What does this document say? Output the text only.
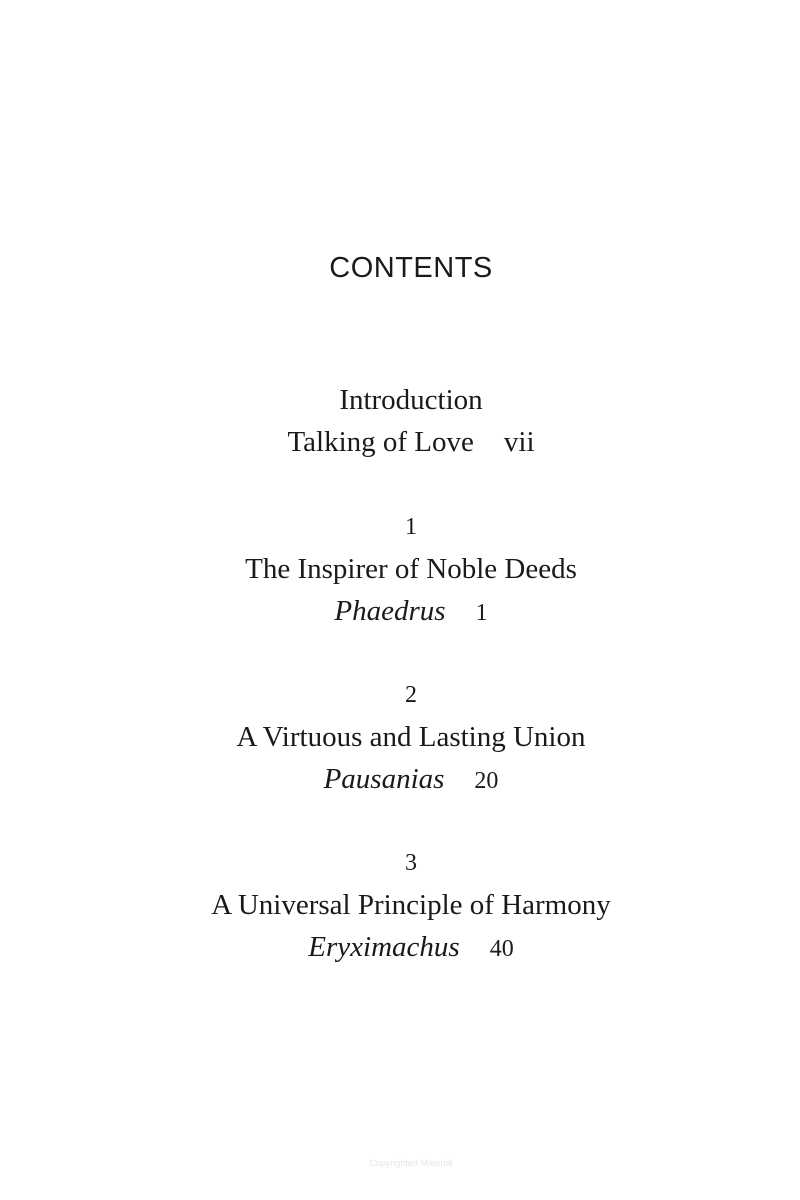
CONTENTS
Introduction
Talking of Love vii
1
The Inspirer of Noble Deeds
Phaedrus 1
2
A Virtuous and Lasting Union
Pausanias 20
3
A Universal Principle of Harmony
Eryximachus 40
Copyrighted Material
